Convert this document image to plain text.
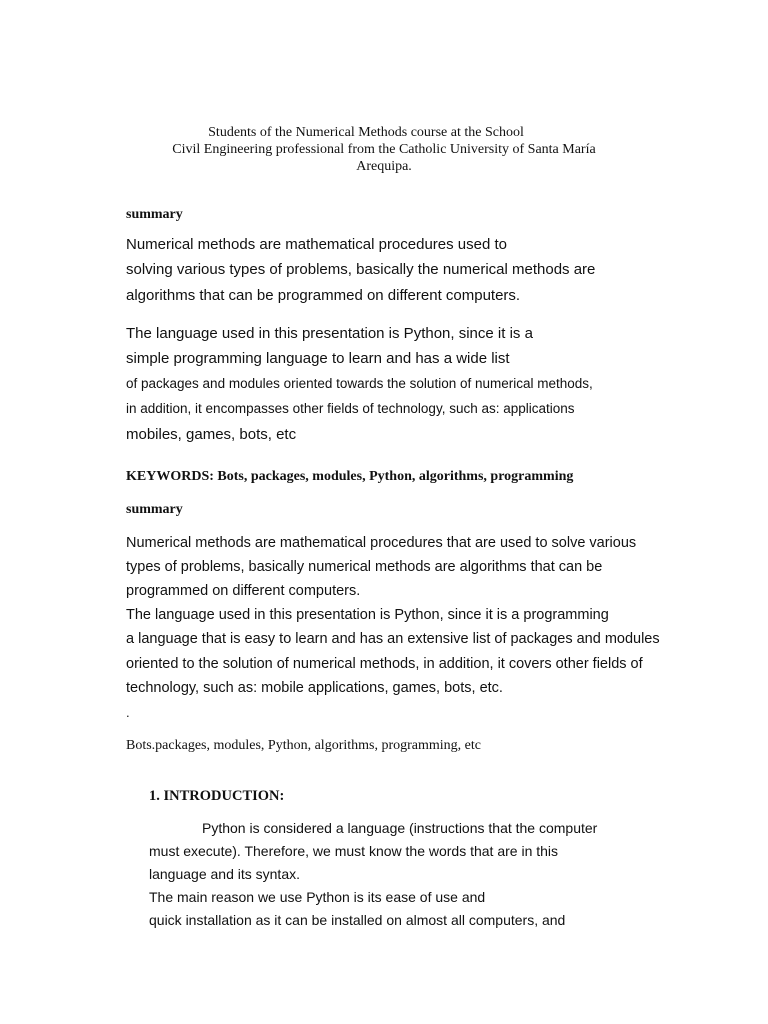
Students of the Numerical Methods course at the School
Civil Engineering professional from the Catholic University of Santa María
Arequipa.
summary
Numerical methods are mathematical procedures used to
solving various types of problems, basically the numerical methods are
algorithms that can be programmed on different computers.
The language used in this presentation is Python, since it is a
simple programming language to learn and has a wide list
of packages and modules oriented towards the solution of numerical methods,
in addition, it encompasses other fields of technology, such as: applications
mobiles, games, bots, etc
KEYWORDS: Bots, packages, modules, Python, algorithms, programming
summary
Numerical methods are mathematical procedures that are used to solve various
types of problems, basically numerical methods are algorithms that can be
programmed on different computers.
The language used in this presentation is Python, since it is a programming
a language that is easy to learn and has an extensive list of packages and modules
oriented to the solution of numerical methods, in addition, it covers other fields of
technology, such as: mobile applications, games, bots, etc.
.
Bots.packages, modules, Python, algorithms, programming, etc
1. INTRODUCTION:
Python is considered a language (instructions that the computer
must execute). Therefore, we must know the words that are in this
language and its syntax.
The main reason we use Python is its ease of use and
quick installation as it can be installed on almost all computers, and
